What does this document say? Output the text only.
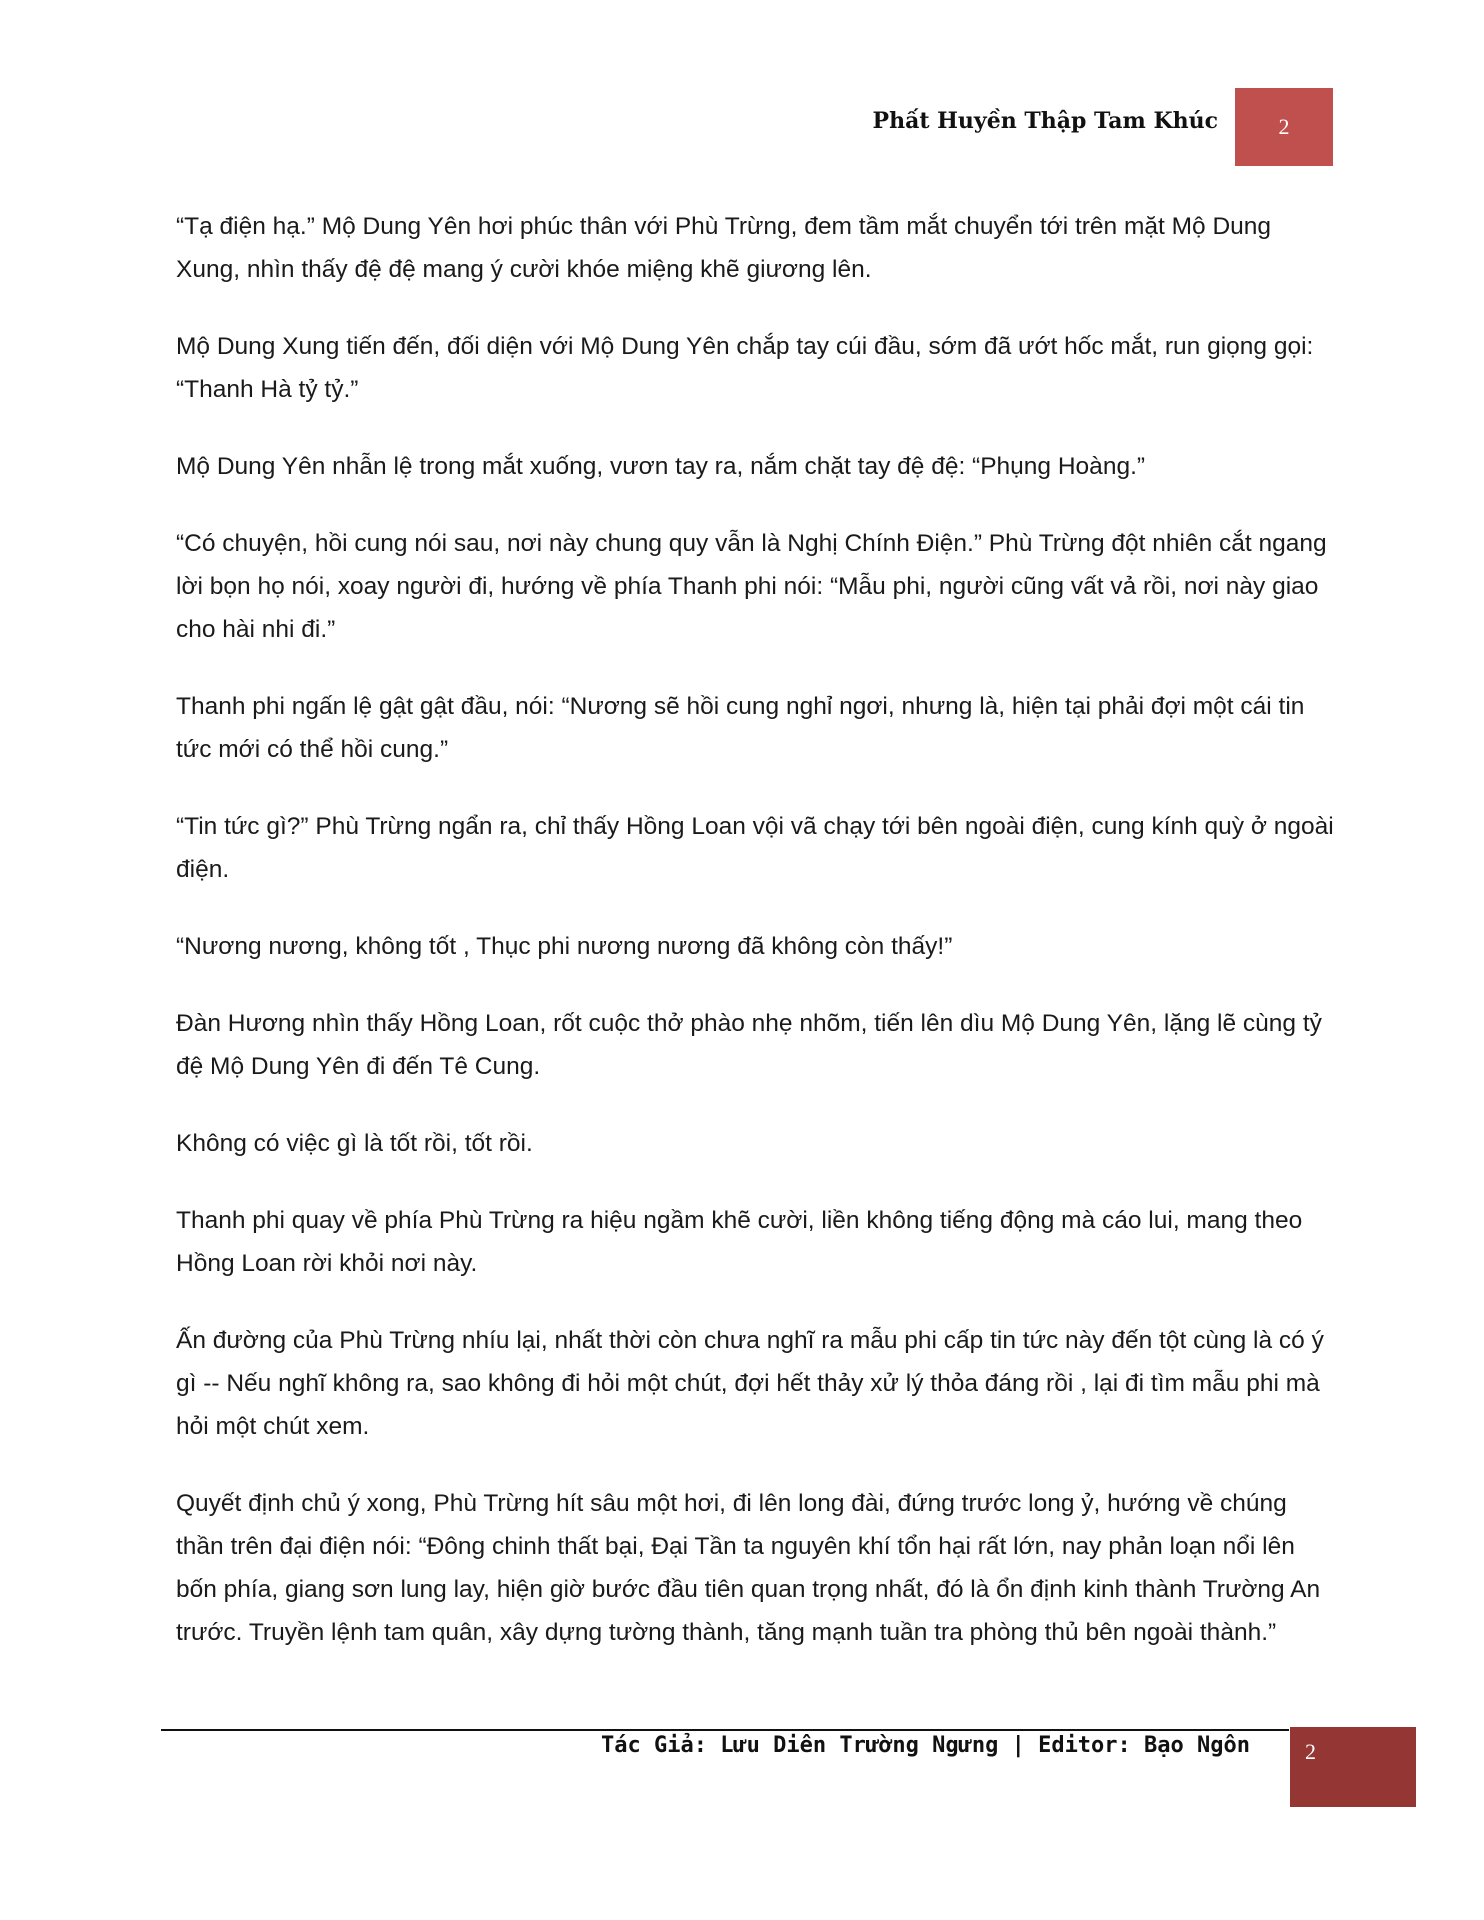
Phất Huyền Thập Tam Khúc	2

“Tạ điện hạ.” Mộ Dung Yên hơi phúc thân với Phù Trừng, đem tầm mắt chuyển tới trên mặt Mộ Dung Xung, nhìn thấy đệ đệ mang ý cười khóe miệng khẽ giương lên.

Mộ Dung Xung tiến đến, đối diện với Mộ Dung Yên chắp tay cúi đầu, sớm đã ướt hốc mắt, run giọng gọi: “Thanh Hà tỷ tỷ.”

Mộ Dung Yên nhẫn lệ trong mắt xuống, vươn tay ra, nắm chặt tay đệ đệ: “Phụng Hoàng.”

“Có chuyện, hồi cung nói sau, nơi này chung quy vẫn là Nghị Chính Điện.” Phù Trừng đột nhiên cắt ngang lời bọn họ nói, xoay người đi, hướng về phía Thanh phi nói: “Mẫu phi, người cũng vất vả rồi, nơi này giao cho hài nhi đi.”

Thanh phi ngấn lệ gật gật đầu, nói: “Nương sẽ hồi cung nghỉ ngơi, nhưng là, hiện tại phải đợi một cái tin tức mới có thể hồi cung.”

“Tin tức gì?” Phù Trừng ngẩn ra, chỉ thấy Hồng Loan vội vã chạy tới bên ngoài điện, cung kính quỳ ở ngoài điện.

“Nương nương, không tốt , Thục phi nương nương đã không còn thấy!”

Đàn Hương nhìn thấy Hồng Loan, rốt cuộc thở phào nhẹ nhõm, tiến lên dìu Mộ Dung Yên, lặng lẽ cùng tỷ đệ Mộ Dung Yên đi đến Tê Cung.

Không có việc gì là tốt rồi, tốt rồi.

Thanh phi quay về phía Phù Trừng ra hiệu ngầm khẽ cười, liền không tiếng động mà cáo lui, mang theo Hồng Loan rời khỏi nơi này.

Ấn đường của Phù Trừng nhíu lại, nhất thời còn chưa nghĩ ra mẫu phi cấp tin tức này đến tột cùng là có ý gì -- Nếu nghĩ không ra, sao không đi hỏi một chút, đợi hết thảy xử lý thỏa đáng rồi , lại đi tìm mẫu phi mà hỏi một chút xem.

Quyết định chủ ý xong, Phù Trừng hít sâu một hơi, đi lên long đài, đứng trước long ỷ, hướng về chúng thần trên đại điện nói: “Đông chinh thất bại, Đại Tần ta nguyên khí tổn hại rất lớn, nay phản loạn nổi lên bốn phía, giang sơn lung lay, hiện giờ bước đầu tiên quan trọng nhất, đó là ổn định kinh thành Trường An trước. Truyền lệnh tam quân, xây dựng tường thành, tăng mạnh tuần tra phòng thủ bên ngoài thành.”

Tác Giả: Lưu Diên Trường Ngưng | Editor: Bạo Ngôn	2
